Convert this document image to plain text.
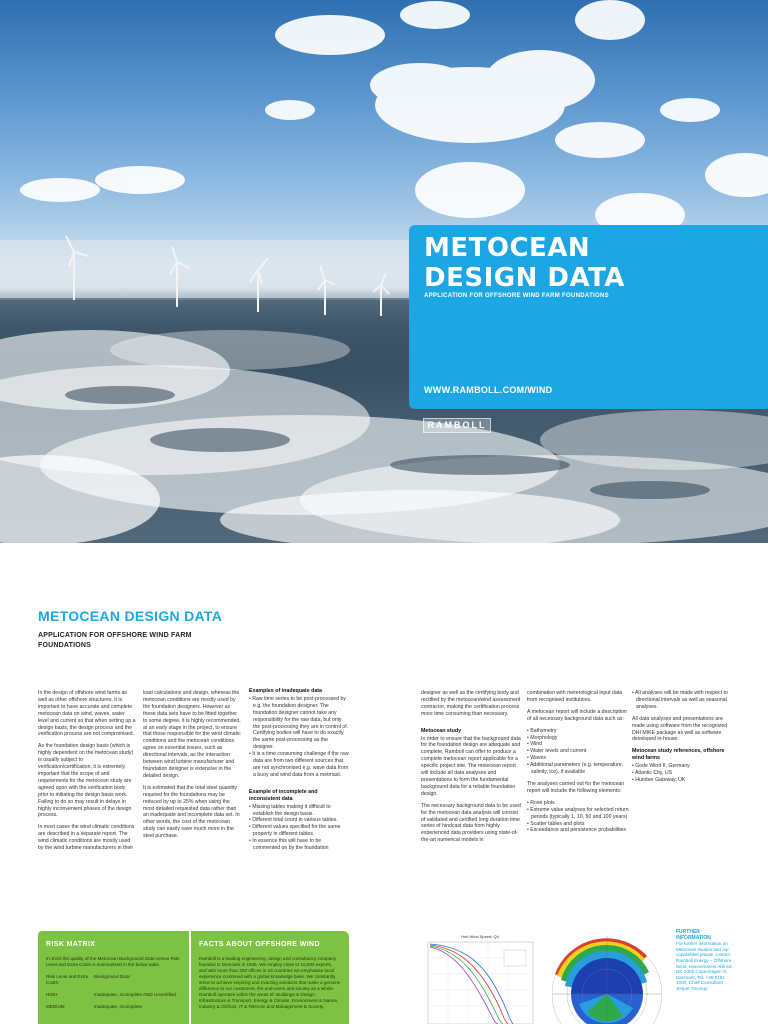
METOCEAN
DESIGN DATA
APPLICATION FOR OFFSHORE WIND FARM FOUNDATIONS
WWW.RAMBOLL.COM/WIND
RAMBOLL
METOCEAN DESIGN DATA
APPLICATION FOR OFFSHORE WIND FARM FOUNDATIONS

In the design of offshore wind farms as well as other offshore structures, it is important to have accurate and complete metocean data on wind, waves, water level and current so that when setting up a design basis, the design process and the verification process are not compromised.

As the foundation design basis (which is highly dependent on the metocean study) is usually subject to verification/certification, it is extremely important that the scope of and requirements for the metocean study are agreed upon with the verification body prior to initiating the design basis work. Failing to do so may result in delays in highly inconvenient phases of the design process.

In most cases the wind climatic conditions are described in a separate report. The wind climatic conditions are mostly used by the wind turbine manufacturers in their

load calculations and design, whereas the metocean conditions are mostly used by the foundation designers. However as these data sets have to be fitted together to some degree, it is highly recommended, at an early stage in the project, to ensure that those responsible for the wind climatic conditions and the metocean conditions agree on essential issues, such as directional intervals, as the interaction between wind turbine manufacturer and foundation designer is extensive in the detailed design.

It is estimated that the total steel quantity required for the foundations may be reduced by up to 25% when using the most detailed requested data rather than an inadequate and incomplete data set. In other words, the cost of the metocean study can easily save much more in the steel purchase.

Examples of inadequate data

• Raw time series to be post-processed by e.g. the foundation designer. The foundation designer cannot take any responsibility for the raw data, but only the post-processing they are in control of. Certifying bodies will have to do exactly the same post-processing as the designer.

• It is a time consuming challenge if the raw data are from two different sources that are not synchronised e.g. wave data from a buoy and wind data from a metmast.

Example of incomplete and inconsistent data

• Missing tables making it difficult to establish the design basis.

• Different total count in various tables.

• Different values specified for the same property in different tables.

• In essence this will have to be commented on by the foundation

designer as well as the certifying body and rectified by the metocean/wind assessment contractor, making the certification process more time consuming than necessary.

Metocean study

In order to ensure that the background data for the foundation design are adequate and complete, Ramboll can offer to produce a complete metocean report applicable for a specific project site. The metocean report will include all data analyses and presentations to form the fundamental background data for a reliable foundation design.

The necessary background data to be used for the metocean data analysis will consist of validated and certified long duration time series of hindcast data from highly experienced data providers using state-of-the-art numerical models in

combination with meterological input data from recognised institutions.

A metocean report will include a description of all necessary background data such as:

• Bathymetry

• Morphology

• Wind

• Water levels and current

• Waves

• Additional parameters (e.g. temperature, salinity, ice), if available

The analyses carried out for the metocean report will include the following elements:

• Rose plots

• Extreme value analyses for selected return periods (typically 1, 10, 50 and 100 years)

• Scatter tables and plots

• Exceedance and persistence probabilities

• All analyses will be made with respect to directional intervals as well as seasonal analyses.

All data analyses and presentations are made using software from the recognized DHI MIKE package as well as software developed in-house.

Metocean study references, offshore wind farms

• Gode Wind II, Germany

• Atlantic City, US

• Humber Gateway, UK

RISK MATRIX
In short the quality of the Metocean Background Data versus Risk Level and Extra Costs is summarized in the below table.
Risk Level and Extra Costs:
Background Data:
HIGH	Inadequate, Incomplete AND Uncertified.
MEDIUM	Inadequate, Incomplete
FACTS ABOUT OFFSHORE WIND
Ramboll is a leading engineering, design and consultancy company founded in Denmark in 1945. We employ close to 10,000 experts, and with more than 200 offices in 23 countries we emphasise local experience combined with a global knowledge base. We constantly strive to achieve inspiring and exacting solutions that make a genuine difference to our customers, the end-users and society as a whole. Ramboll operates within the areas of: Buildings & Design, Infrastructure & Transport, Energy & Climate, Environment & Nature, Industry & Oil/Gas, IT & Telecom and Management & Society.
Hub Wind Speed: Q4
FURTHER INFORMATION
For further information on Metocean studies and our capabilities please contact: Ramboll Energy – Offshore Wind, Hannemanns Allé 53, DK-2300 Copenhagen S, Denmark, Tel. +45 5161 1000, Chief Consultant Jesper Grovrup
